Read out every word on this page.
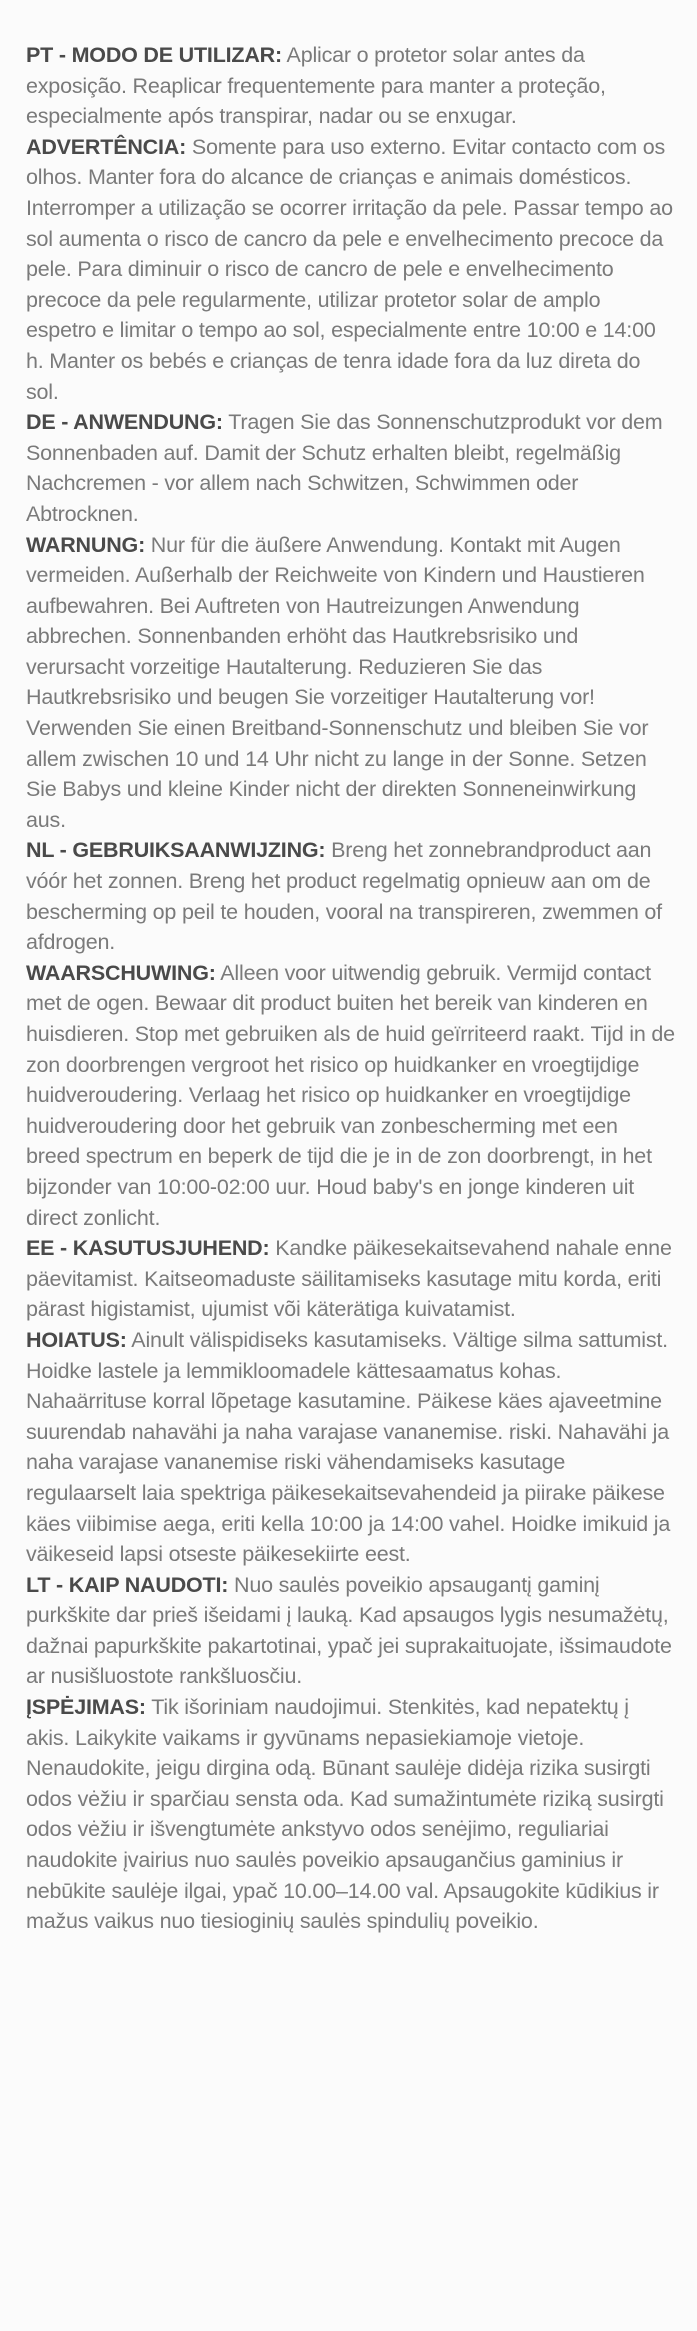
PT - MODO DE UTILIZAR: Aplicar o protetor solar antes da exposição. Reaplicar frequentemente para manter a proteção, especialmente após transpirar, nadar ou se enxugar.

ADVERTÊNCIA: Somente para uso externo. Evitar contacto com os olhos. Manter fora do alcance de crianças e animais domésticos. Interromper a utilização se ocorrer irritação da pele. Passar tempo ao sol aumenta o risco de cancro da pele e envelhecimento precoce da pele. Para diminuir o risco de cancro de pele e envelhecimento precoce da pele regularmente, utilizar protetor solar de amplo espetro e limitar o tempo ao sol, especialmente entre 10:00 e 14:00 h. Manter os bebés e crianças de tenra idade fora da luz direta do sol.

DE - ANWENDUNG: Tragen Sie das Sonnenschutzprodukt vor dem Sonnenbaden auf. Damit der Schutz erhalten bleibt, regelmäßig Nachcremen - vor allem nach Schwitzen, Schwimmen oder Abtrocknen.

WARNUNG: Nur für die äußere Anwendung. Kontakt mit Augen vermeiden. Außerhalb der Reichweite von Kindern und Haustieren aufbewahren. Bei Auftreten von Hautreizungen Anwendung abbrechen. Sonnenbanden erhöht das Hautkrebsrisiko und verursacht vorzeitige Hautalterung. Reduzieren Sie das Hautkrebsrisiko und beugen Sie vorzeitiger Hautalterung vor! Verwenden Sie einen Breitband-Sonnenschutz und bleiben Sie vor allem zwischen 10 und 14 Uhr nicht zu lange in der Sonne. Setzen Sie Babys und kleine Kinder nicht der direkten Sonneneinwirkung aus.

NL - GEBRUIKSAANWIJZING: Breng het zonnebrandproduct aan vóór het zonnen. Breng het product regelmatig opnieuw aan om de bescherming op peil te houden, vooral na transpireren, zwemmen of afdrogen.

WAARSCHUWING: Alleen voor uitwendig gebruik. Vermijd contact met de ogen. Bewaar dit product buiten het bereik van kinderen en huisdieren. Stop met gebruiken als de huid geïrriteerd raakt. Tijd in de zon doorbrengen vergroot het risico op huidkanker en vroegtijdige huidveroudering. Verlaag het risico op huidkanker en vroegtijdige huidveroudering door het gebruik van zonbescherming met een breed spectrum en beperk de tijd die je in de zon doorbrengt, in het bijzonder van 10:00-02:00 uur. Houd baby's en jonge kinderen uit direct zonlicht.

EE - KASUTUSJUHEND: Kandke päikesekaitsevahend nahale enne päevitamist. Kaitseomaduste säilitamiseks kasutage mitu korda, eriti pärast higistamist, ujumist või käterätiga kuivatamist.

HOIATUS: Ainult välispidiseks kasutamiseks. Vältige silma sattumist. Hoidke lastele ja lemmikloomadele kättesaamatus kohas. Nahaärrituse korral lõpetage kasutamine. Päikese käes ajaveetmine suurendab nahavähi ja naha varajase vananemise. riski. Nahavähi ja naha varajase vananemise riski vähendamiseks kasutage regulaarselt laia spektriga päikesekaitsevahendeid ja piirake päikese käes viibimise aega, eriti kella 10:00 ja 14:00 vahel. Hoidke imikuid ja väikeseid lapsi otseste päikesekiirte eest.

LT - KAIP NAUDOTI: Nuo saulės poveikio apsaugantį gaminį purkškite dar prieš išeidami į lauką. Kad apsaugos lygis nesumažėtų, dažnai papurkškite pakartotinai, ypač jei suprakaituojate, išsimaudote ar nusišluostote rankšluosčiu.

ĮSPĖJIMAS: Tik išoriniam naudojimui. Stenkitės, kad nepatektų į akis. Laikykite vaikams ir gyvūnams nepasiekiamoje vietoje. Nenaudokite, jeigu dirgina odą. Būnant saulėje didėja rizika susirgti odos vėžiu ir sparčiau sensta oda. Kad sumažintumėte riziką susirgti odos vėžiu ir išvengtumėte ankstyvo odos senėjimo, reguliariai naudokite įvairius nuo saulės poveikio apsaugančius gaminius ir nebūkite saulėje ilgai, ypač 10.00–14.00 val. Apsaugokite kūdikius ir mažus vaikus nuo tiesioginių saulės spindulių poveikio.
